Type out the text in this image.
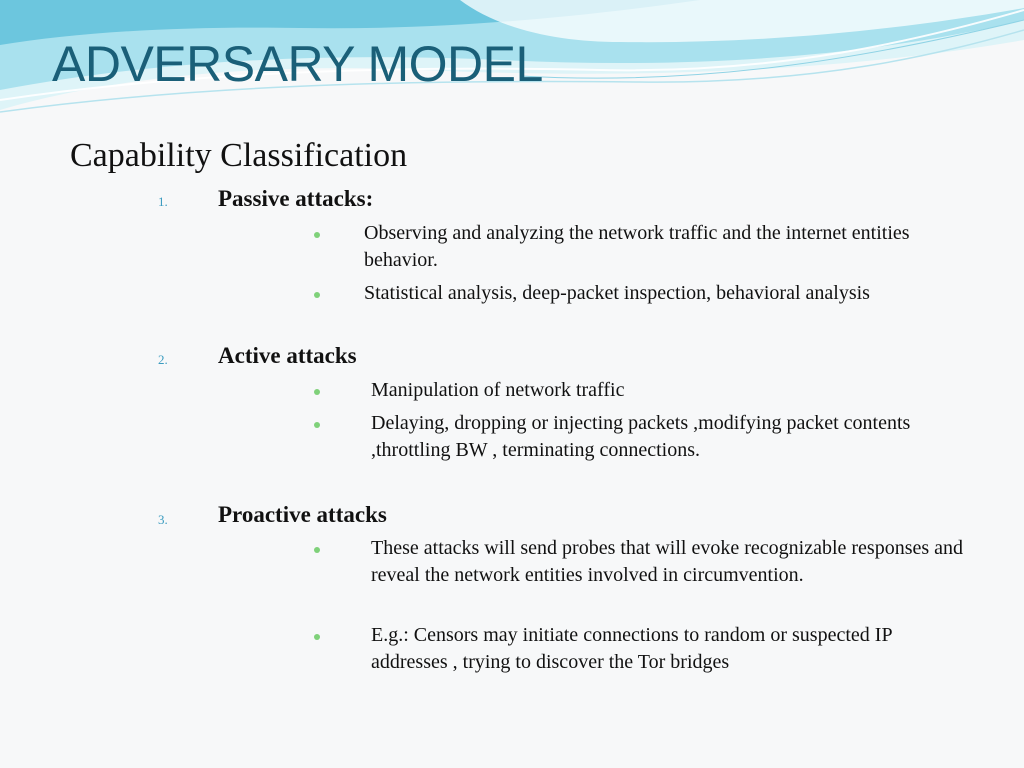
ADVERSARY MODEL
Capability Classification
1. Passive attacks:
Observing and analyzing the network traffic and the internet entities behavior.
Statistical analysis, deep-packet inspection, behavioral analysis
2. Active attacks
Manipulation of network traffic
Delaying, dropping or injecting packets ,modifying packet contents ,throttling BW , terminating connections.
3. Proactive attacks
These attacks will send probes that will evoke recognizable responses and reveal the network entities involved in circumvention.
E.g.: Censors may initiate connections to random or suspected IP addresses , trying to discover the Tor bridges
